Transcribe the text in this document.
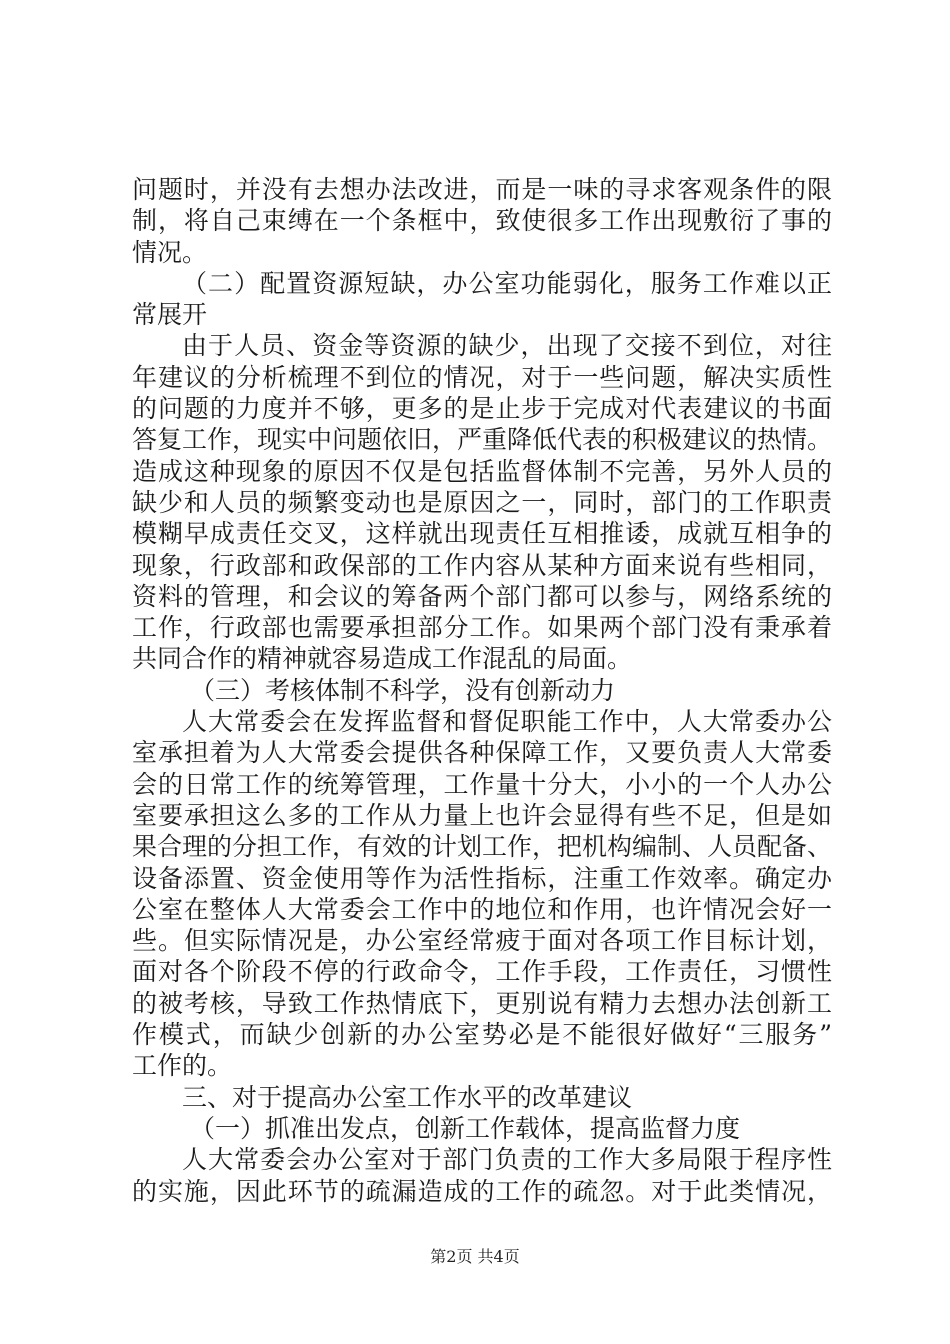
问题时，并没有去想办法改进，而是一味的寻求客观条件的限
制，将自己束缚在一个条框中，致使很多工作出现敷衍了事的
情况。
（二）配置资源短缺，办公室功能弱化，服务工作难以正
常展开
由于人员、资金等资源的缺少，出现了交接不到位，对往
年建议的分析梳理不到位的情况，对于一些问题，解决实质性
的问题的力度并不够，更多的是止步于完成对代表建议的书面
答复工作，现实中问题依旧，严重降低代表的积极建议的热情。
造成这种现象的原因不仅是包括监督体制不完善，另外人员的
缺少和人员的频繁变动也是原因之一，同时，部门的工作职责
模糊早成责任交叉，这样就出现责任互相推诿，成就互相争的
现象，行政部和政保部的工作内容从某种方面来说有些相同，
资料的管理，和会议的筹备两个部门都可以参与，网络系统的
工作，行政部也需要承担部分工作。如果两个部门没有秉承着
共同合作的精神就容易造成工作混乱的局面。
（三）考核体制不科学，没有创新动力
人大常委会在发挥监督和督促职能工作中，人大常委办公
室承担着为人大常委会提供各种保障工作，又要负责人大常委
会的日常工作的统筹管理，工作量十分大，小小的一个人办公
室要承担这么多的工作从力量上也许会显得有些不足，但是如
果合理的分担工作，有效的计划工作，把机构编制、人员配备、
设备添置、资金使用等作为活性指标，注重工作效率。确定办
公室在整体人大常委会工作中的地位和作用，也许情况会好一
些。但实际情况是，办公室经常疲于面对各项工作目标计划，
面对各个阶段不停的行政命令，工作手段，工作责任，习惯性
的被考核，导致工作热情底下，更别说有精力去想办法创新工
作模式，而缺少创新的办公室势必是不能很好做好“三服务”
工作的。
三、对于提高办公室工作水平的改革建议
（一）抓准出发点，创新工作载体，提高监督力度
人大常委会办公室对于部门负责的工作大多局限于程序性
的实施，因此环节的疏漏造成的工作的疏忽。对于此类情况，
第2页 共4页
